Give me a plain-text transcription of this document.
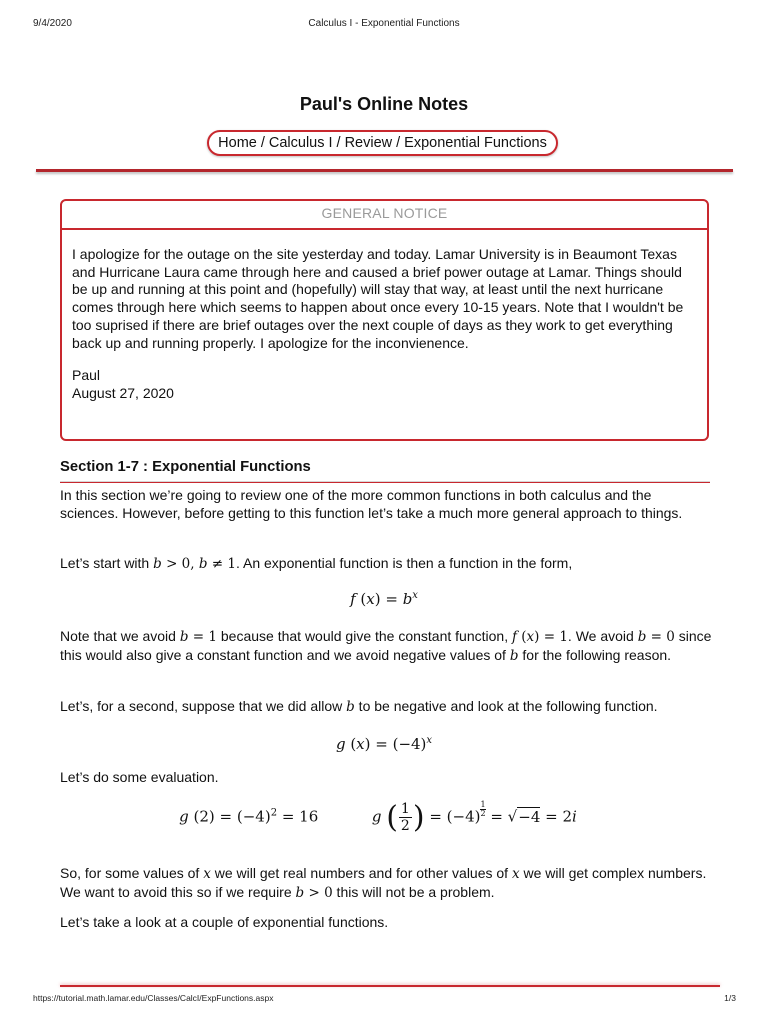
9/4/2020	Calculus I - Exponential Functions
Paul's Online Notes
Home / Calculus I / Review / Exponential Functions
GENERAL NOTICE

I apologize for the outage on the site yesterday and today. Lamar University is in Beaumont Texas and Hurricane Laura came through here and caused a brief power outage at Lamar. Things should be up and running at this point and (hopefully) will stay that way, at least until the next hurricane comes through here which seems to happen about once every 10-15 years. Note that I wouldn't be too suprised if there are brief outages over the next couple of days as they work to get everything back up and running properly. I apologize for the inconvienence.

Paul
August 27, 2020
Section 1-7 : Exponential Functions

In this section we’re going to review one of the more common functions in both calculus and the sciences. However, before getting to this function let’s take a much more general approach to things.

Let’s start with b > 0, b ≠ 1. An exponential function is then a function in the form,

f $(x) = b^x$

Note that we avoid b = 1 because that would give the constant function, f (x) = 1. We avoid b = 0 since this would also give a constant function and we avoid negative values of b for the following reason.

Let’s, for a second, suppose that we did allow b to be negative and look at the following function.

g $(x) = (-4)^x$

Let’s do some evaluation.

g $(2) = (-4)^2 = 16$	g ( $\frac{1}{2}$ ) = $(-4) \frac{1}{2} = √-4 = 2i$

So, for some values of x we will get real numbers and for other values of x we will get complex numbers. We want to avoid this so if we require b > 0 this will not be a problem.

Let’s take a look at a couple of exponential functions.

https://tutorial.math.lamar.edu/Classes/CalcI/ExpFunctions.aspx	1/3
